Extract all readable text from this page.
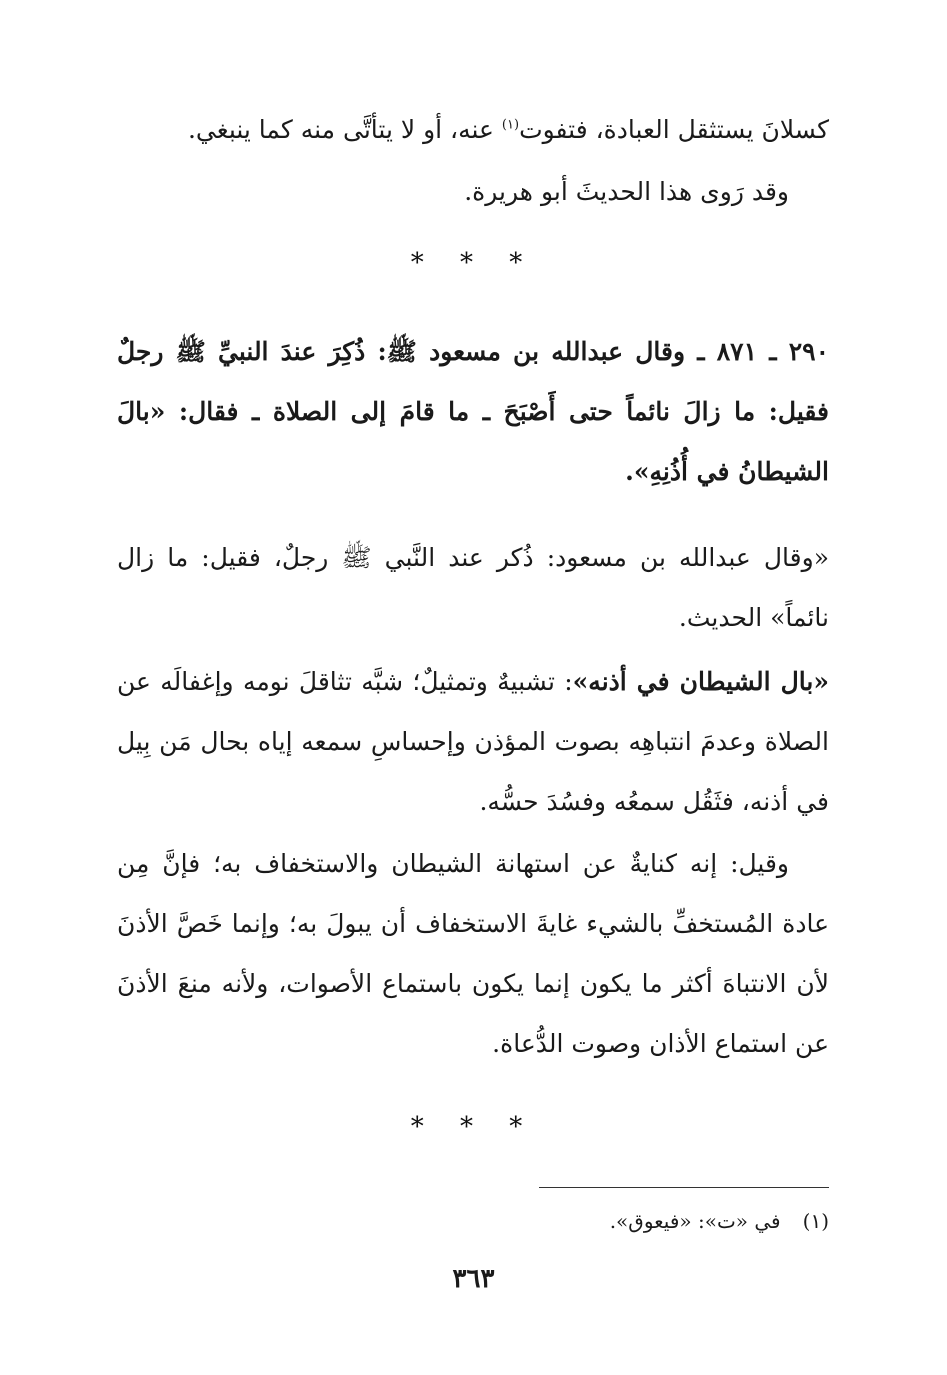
كسلانَ يستثقل العبادة، فتفوت$^{(١)}$ عنه، أو لا يتأتَّى منه كما ينبغي.
وقد رَوى هذا الحديثَ أبو هريرة.
* * *
٢٩٠ ـ ٨٧١ ـ وقال عبدالله بن مسعود ﷺ: ذُكِرَ عندَ النبيِّ ﷺ رجلٌ فقيل: ما زالَ نائماً حتى أَصْبَحَ ـ ما قامَ إلى الصلاة ـ فقال: «بالَ الشيطانُ في أُذُنِهِ».
«وقال عبدالله بن مسعود: ذُكر عند النَّبي ﷺ رجلٌ، فقيل: ما زال نائماً» الحديث.
«بال الشيطان في أذنه»: تشبيهٌ وتمثيلٌ؛ شبَّه تثاقلَ نومه وإغفالَه عن الصلاة وعدمَ انتباهِه بصوت المؤذن وإحساسِ سمعه إياه بحال مَن بِيل في أذنه، فثَقُل سمعُه وفسُدَ حسُّه.
وقيل: إنه كنايةٌ عن استهانة الشيطان والاستخفاف به؛ فإنَّ مِن عادة المُستخفِّ بالشيء غايةَ الاستخفاف أن يبولَ به؛ وإنما خَصَّ الأذنَ لأن الانتباهَ أكثر ما يكون إنما يكون باستماع الأصوات، ولأنه منعَ الأذنَ عن استماع الأذان وصوت الدُّعاة.
* * *
(١)في «ت»: «فيعوق».
٣٦٣
